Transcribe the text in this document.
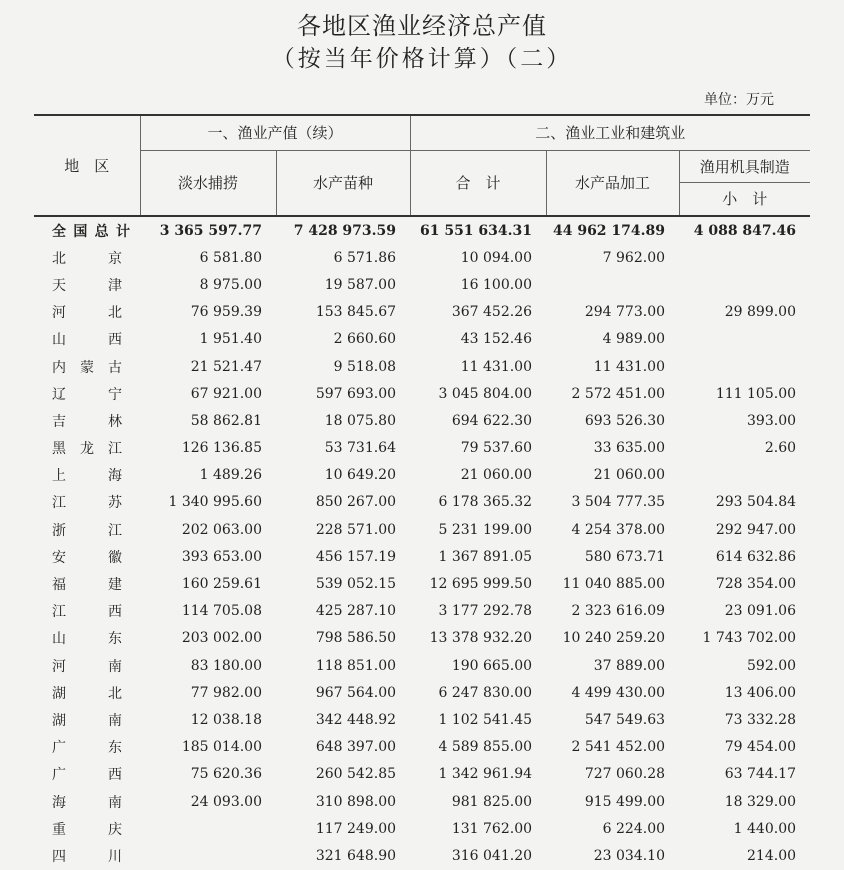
各地区渔业经济总产值
（按当年价格计算）（二）
单位：万元
地　区	一、渔业产值（续）		二、渔业工业和建筑业		
	淡水捕捞	水产苗种	合　计	水产品加工	渔用机具制造
					小　计

全 国 总 计	3 365 597.77	7 428 973.59	61 551 634.31	44 962 174.89	4 088 847.46

北 京	6 581.80	6 571.86	10 094.00	7 962.00	

天 津	8 975.00	19 587.00	16 100.00		

河 北	76 959.39	153 845.67	367 452.26	294 773.00	29 899.00

山 西	1 951.40	2 660.60	43 152.46	4 989.00	

内 蒙 古	21 521.47	9 518.08	11 431.00	11 431.00	

辽 宁	67 921.00	597 693.00	3 045 804.00	2 572 451.00	111 105.00

吉 林	58 862.81	18 075.80	694 622.30	693 526.30	393.00

黑 龙 江	126 136.85	53 731.64	79 537.60	33 635.00	2.60

上 海	1 489.26	10 649.20	21 060.00	21 060.00	

江 苏	1 340 995.60	850 267.00	6 178 365.32	3 504 777.35	293 504.84

浙 江	202 063.00	228 571.00	5 231 199.00	4 254 378.00	292 947.00

安 徽	393 653.00	456 157.19	1 367 891.05	580 673.71	614 632.86

福 建	160 259.61	539 052.15	12 695 999.50	11 040 885.00	728 354.00

江 西	114 705.08	425 287.10	3 177 292.78	2 323 616.09	23 091.06

山 东	203 002.00	798 586.50	13 378 932.20	10 240 259.20	1 743 702.00

河 南	83 180.00	118 851.00	190 665.00	37 889.00	592.00

湖 北	77 982.00	967 564.00	6 247 830.00	4 499 430.00	13 406.00

湖 南	12 038.18	342 448.92	1 102 541.45	547 549.63	73 332.28

广 东	185 014.00	648 397.00	4 589 855.00	2 541 452.00	79 454.00

广 西	75 620.36	260 542.85	1 342 961.94	727 060.28	63 744.17

海 南	24 093.00	310 898.00	981 825.00	915 499.00	18 329.00

重 庆		117 249.00	131 762.00	6 224.00	1 440.00

四 川		321 648.90	316 041.20	23 034.10	214.00
